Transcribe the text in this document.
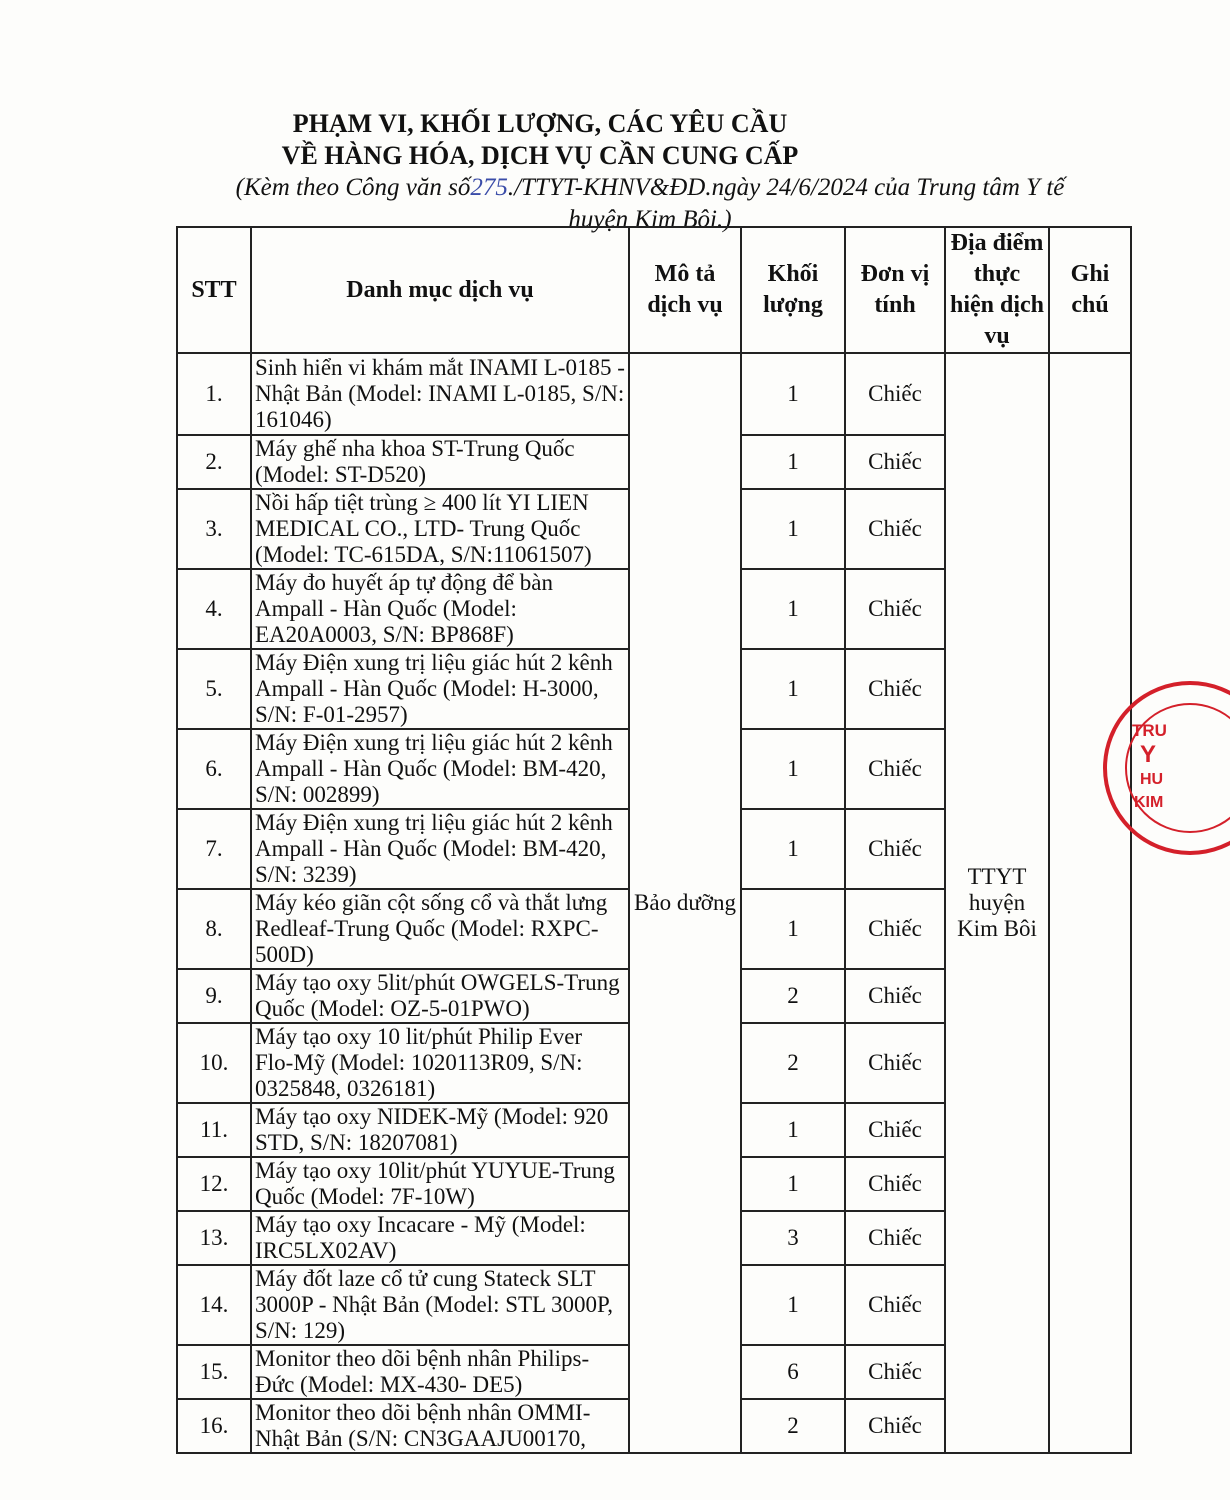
PHẠM VI, KHỐI LƯỢNG, CÁC YÊU CẦU
VỀ HÀNG HÓA, DỊCH VỤ CẦN CUNG CẤP
(Kèm theo Công văn số275./TTYT-KHNV&ĐD.ngày 24/6/2024 của Trung tâm Y tế
huyện Kim Bôi.)
STT	Danh mục dịch vụ	Mô tả dịch vụ	Khối lượng	Đơn vị tính	Địa điểm thực hiện dịch vụ	Ghi chú
1.	Sinh hiển vi khám mắt INAMI L-0185 - Nhật Bản (Model: INAMI L-0185, S/N: 161046)	Bảo dưỡng	1	Chiếc	TTYT huyện Kim Bôi	
2.	Máy ghế nha khoa ST-Trung Quốc (Model: ST-D520)		1	Chiếc		
3.	Nồi hấp tiệt trùng ≥ 400 lít YI LIEN MEDICAL CO., LTD- Trung Quốc (Model: TC-615DA, S/N:11061507)		1	Chiếc		
4.	Máy đo huyết áp tự động để bàn Ampall - Hàn Quốc (Model: EA20A0003, S/N: BP868F)		1	Chiếc		
5.	Máy Điện xung trị liệu giác hút 2 kênh Ampall - Hàn Quốc (Model: H-3000, S/N: F-01-2957)		1	Chiếc		
6.	Máy Điện xung trị liệu giác hút 2 kênh Ampall - Hàn Quốc (Model: BM-420, S/N: 002899)		1	Chiếc		
7.	Máy Điện xung trị liệu giác hút 2 kênh Ampall - Hàn Quốc (Model: BM-420, S/N: 3239)		1	Chiếc		
8.	Máy kéo giãn cột sống cổ và thắt lưng Redleaf-Trung Quốc (Model: RXPC-500D)		1	Chiếc		
9.	Máy tạo oxy 5lit/phút OWGELS-Trung Quốc (Model: OZ-5-01PWO)		2	Chiếc		
10.	Máy tạo oxy 10 lit/phút Philip Ever Flo-Mỹ (Model: 1020113R09, S/N: 0325848, 0326181)		2	Chiếc		
11.	Máy tạo oxy NIDEK-Mỹ (Model: 920 STD, S/N: 18207081)		1	Chiếc		
12.	Máy tạo oxy 10lit/phút YUYUE-Trung Quốc (Model: 7F-10W)		1	Chiếc		
13.	Máy tạo oxy Incacare - Mỹ (Model: IRC5LX02AV)		3	Chiếc		
14.	Máy đốt laze cổ tử cung Stateck SLT 3000P - Nhật Bản (Model: STL 3000P, S/N: 129)		1	Chiếc		
15.	Monitor theo dõi bệnh nhân Philips-Đức (Model: MX-430- DE5)		6	Chiếc		
16.	Monitor theo dõi bệnh nhân OMMI-Nhật Bản (S/N: CN3GAAJU00170,		2	Chiếc		
TRU
Y
HU
KIM
